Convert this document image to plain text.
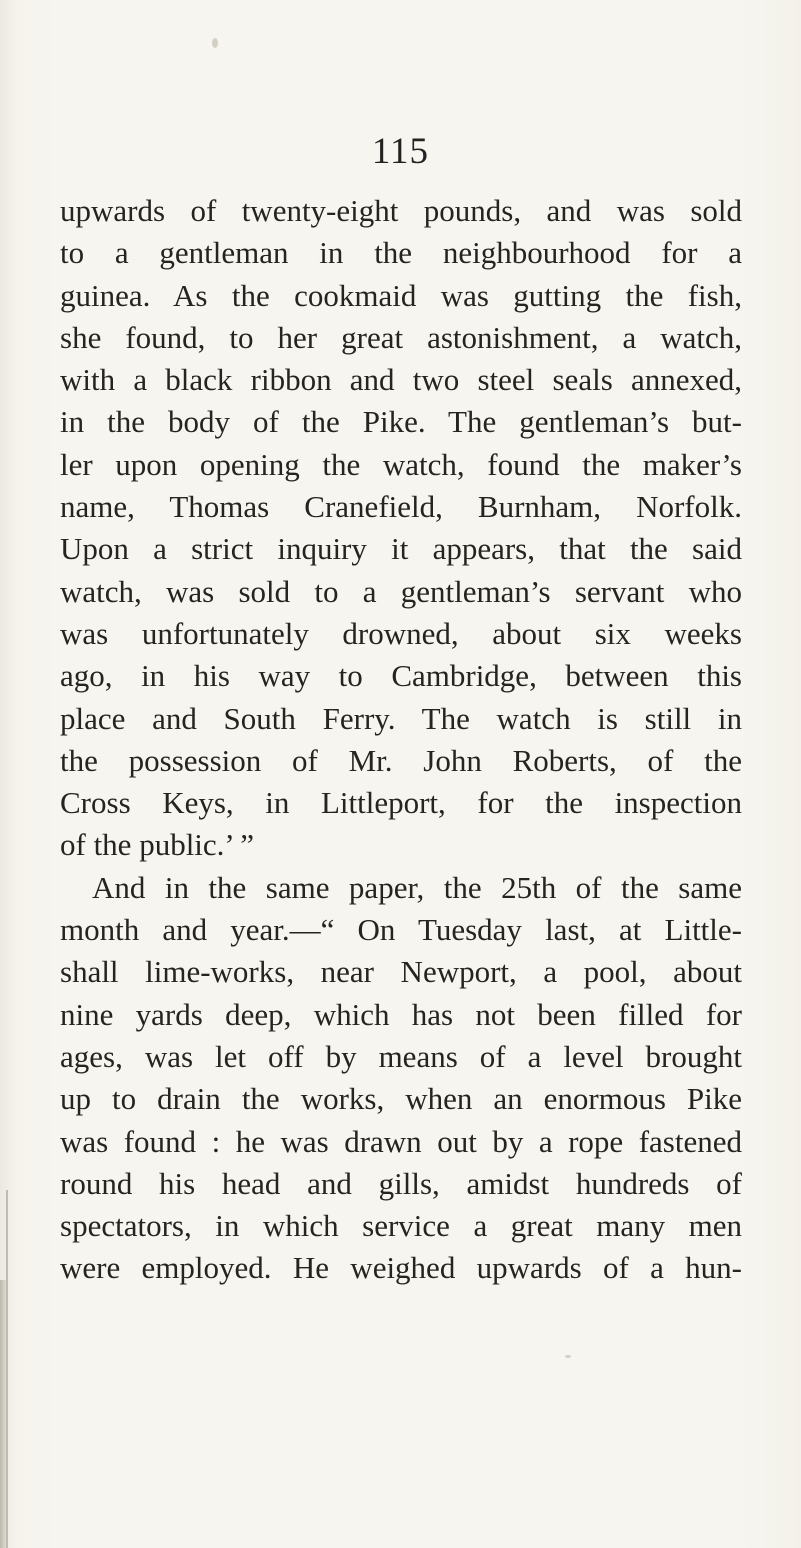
115
upwards of twenty-eight pounds, and was sold
to a gentleman in the neighbourhood for a
guinea. As the cookmaid was gutting the fish,
she found, to her great astonishment, a watch,
with a black ribbon and two steel seals annexed,
in the body of the Pike. The gentleman’s but-
ler upon opening the watch, found the maker’s
name, Thomas Cranefield, Burnham, Norfolk.
Upon a strict inquiry it appears, that the said
watch, was sold to a gentleman’s servant who
was unfortunately drowned, about six weeks
ago, in his way to Cambridge, between this
place and South Ferry. The watch is still in
the possession of Mr. John Roberts, of the
Cross Keys, in Littleport, for the inspection
of the public.’ ”
And in the same paper, the 25th of the same
month and year.—“ On Tuesday last, at Little-
shall lime-works, near Newport, a pool, about
nine yards deep, which has not been filled for
ages, was let off by means of a level brought
up to drain the works, when an enormous Pike
was found : he was drawn out by a rope fastened
round his head and gills, amidst hundreds of
spectators, in which service a great many men
were employed. He weighed upwards of a hun-
